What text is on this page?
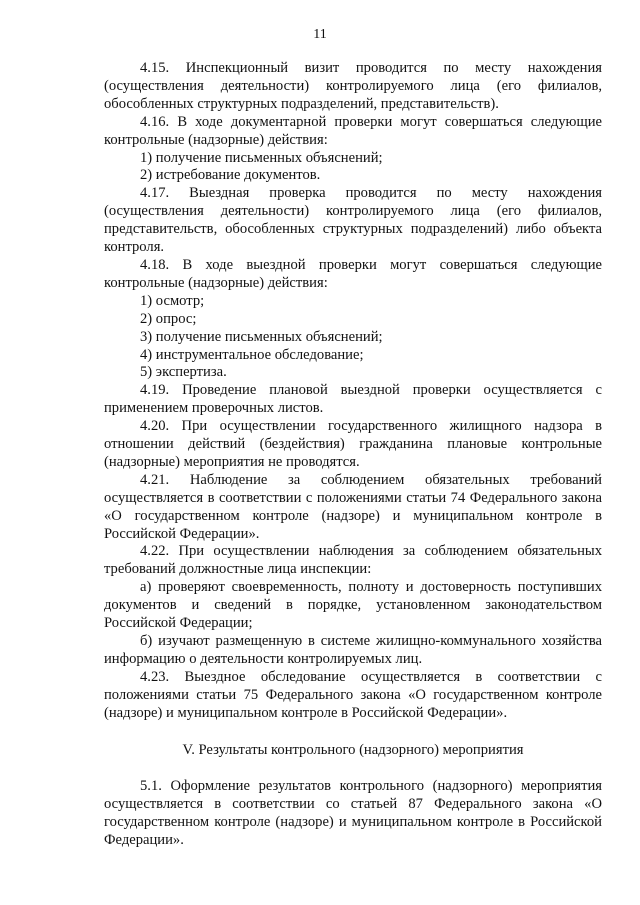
11

4.15. Инспекционный визит проводится по месту нахождения (осуществления деятельности) контролируемого лица (его филиалов, обособленных структурных подразделений, представительств).

4.16. В ходе документарной проверки могут совершаться следующие контрольные (надзорные) действия:

1) получение письменных объяснений;

2) истребование документов.

4.17. Выездная проверка проводится по месту нахождения (осуществления деятельности) контролируемого лица (его филиалов, представительств, обособленных структурных подразделений) либо объекта контроля.

4.18. В ходе выездной проверки могут совершаться следующие контрольные (надзорные) действия:

1) осмотр;

2) опрос;

3) получение письменных объяснений;

4) инструментальное обследование;

5) экспертиза.

4.19. Проведение плановой выездной проверки осуществляется с применением проверочных листов.

4.20. При осуществлении государственного жилищного надзора в отношении действий (бездействия) гражданина плановые контрольные (надзорные) мероприятия не проводятся.

4.21. Наблюдение за соблюдением обязательных требований осуществляется в соответствии с положениями статьи 74 Федерального закона «О государственном контроле (надзоре) и муниципальном контроле в Российской Федерации».

4.22. При осуществлении наблюдения за соблюдением обязательных требований должностные лица инспекции:

а) проверяют своевременность, полноту и достоверность поступивших документов и сведений в порядке, установленном законодательством Российской Федерации;

б) изучают размещенную в системе жилищно-коммунального хозяйства информацию о деятельности контролируемых лиц.

4.23. Выездное обследование осуществляется в соответствии с положениями статьи 75 Федерального закона «О государственном контроле (надзоре) и муниципальном контроле в Российской Федерации».

V. Результаты контрольного (надзорного) мероприятия

5.1. Оформление результатов контрольного (надзорного) мероприятия осуществляется в соответствии со статьей 87 Федерального закона «О государственном контроле (надзоре) и муниципальном контроле в Российской Федерации».
